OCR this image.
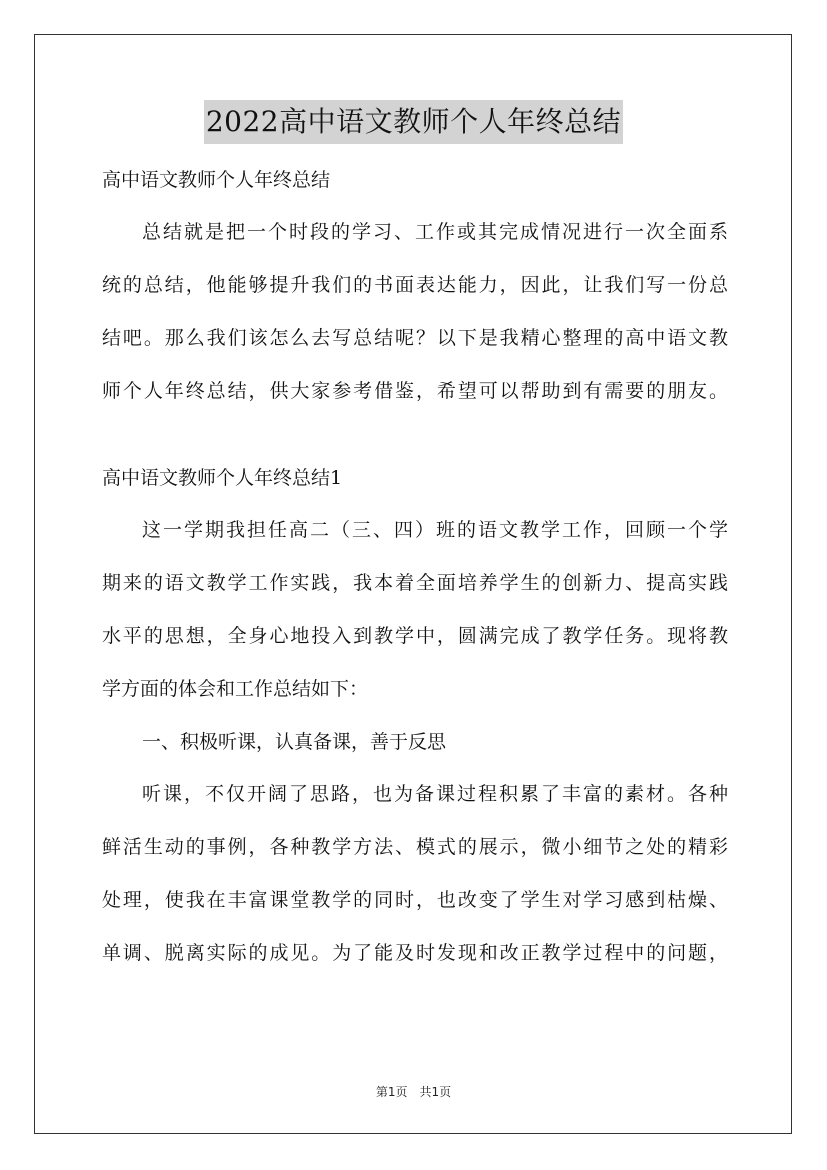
2022高中语文教师个人年终总结
高中语文教师个人年终总结
总结就是把一个时段的学习、工作或其完成情况进行一次全面系
统的总结，他能够提升我们的书面表达能力，因此，让我们写一份总
结吧。那么我们该怎么去写总结呢？以下是我精心整理的高中语文教
师个人年终总结，供大家参考借鉴，希望可以帮助到有需要的朋友。
高中语文教师个人年终总结1
这一学期我担任高二（三、四）班的语文教学工作，回顾一个学
期来的语文教学工作实践，我本着全面培养学生的创新力、提高实践
水平的思想，全身心地投入到教学中，圆满完成了教学任务。现将教
学方面的体会和工作总结如下：
一、积极听课，认真备课，善于反思
听课，不仅开阔了思路，也为备课过程积累了丰富的素材。各种
鲜活生动的事例，各种教学方法、模式的展示，微小细节之处的精彩
处理，使我在丰富课堂教学的同时，也改变了学生对学习感到枯燥、
单调、脱离实际的成见。为了能及时发现和改正教学过程中的问题，
第1页　共1页
